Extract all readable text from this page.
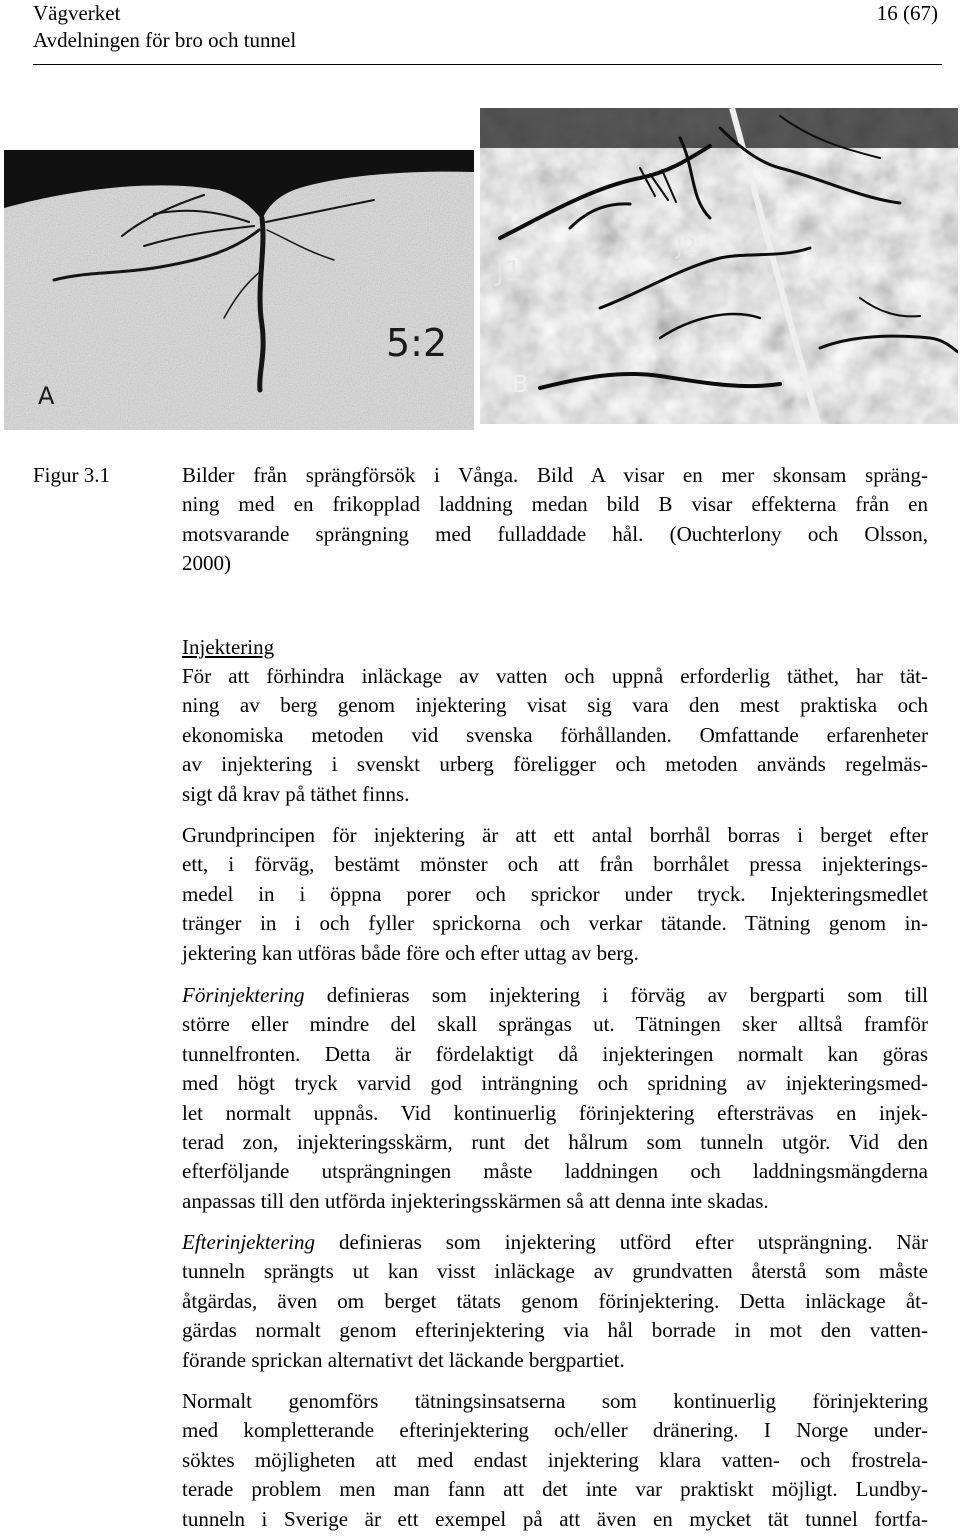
Vägverket
Avdelningen för bro och tunnel
16 (67)
5:2
A
J1
J2
B
Figur 3.1	Bilder från sprängförsök i Vånga. Bild A visar en mer skonsam spräng-
ning med en frikopplad laddning medan bild B visar effekterna från en
motsvarande sprängning med fulladdade hål. (Ouchterlony och Olsson,
2000)
Injektering
För att förhindra inläckage av vatten och uppnå erforderlig täthet, har tät-
ning av berg genom injektering visat sig vara den mest praktiska och
ekonomiska metoden vid svenska förhållanden. Omfattande erfarenheter
av injektering i svenskt urberg föreligger och metoden används regelmäs-
sigt då krav på täthet finns.
Grundprincipen för injektering är att ett antal borrhål borras i berget efter
ett, i förväg, bestämt mönster och att från borrhålet pressa injekterings-
medel in i öppna porer och sprickor under tryck. Injekteringsmedlet
tränger in i och fyller sprickorna och verkar tätande. Tätning genom in-
jektering kan utföras både före och efter uttag av berg.
Förinjektering definieras som injektering i förväg av bergparti som till
större eller mindre del skall sprängas ut. Tätningen sker alltså framför
tunnelfronten. Detta är fördelaktigt då injekteringen normalt kan göras
med högt tryck varvid god inträngning och spridning av injekteringsmed-
let normalt uppnås. Vid kontinuerlig förinjektering eftersträvas en injek-
terad zon, injekteringsskärm, runt det hålrum som tunneln utgör. Vid den
efterföljande utsprängningen måste laddningen och laddningsmängderna
anpassas till den utförda injekteringsskärmen så att denna inte skadas.
Efterinjektering definieras som injektering utförd efter utsprängning. När
tunneln sprängts ut kan visst inläckage av grundvatten återstå som måste
åtgärdas, även om berget tätats genom förinjektering. Detta inläckage åt-
gärdas normalt genom efterinjektering via hål borrade in mot den vatten-
förande sprickan alternativt det läckande bergpartiet.
Normalt genomförs tätningsinsatserna som kontinuerlig förinjektering
med kompletterande efterinjektering och/eller dränering. I Norge under-
söktes möjligheten att med endast injektering klara vatten- och frostrela-
terade problem men man fann att det inte var praktiskt möjligt. Lundby-
tunneln i Sverige är ett exempel på att även en mycket tät tunnel fortfa-
